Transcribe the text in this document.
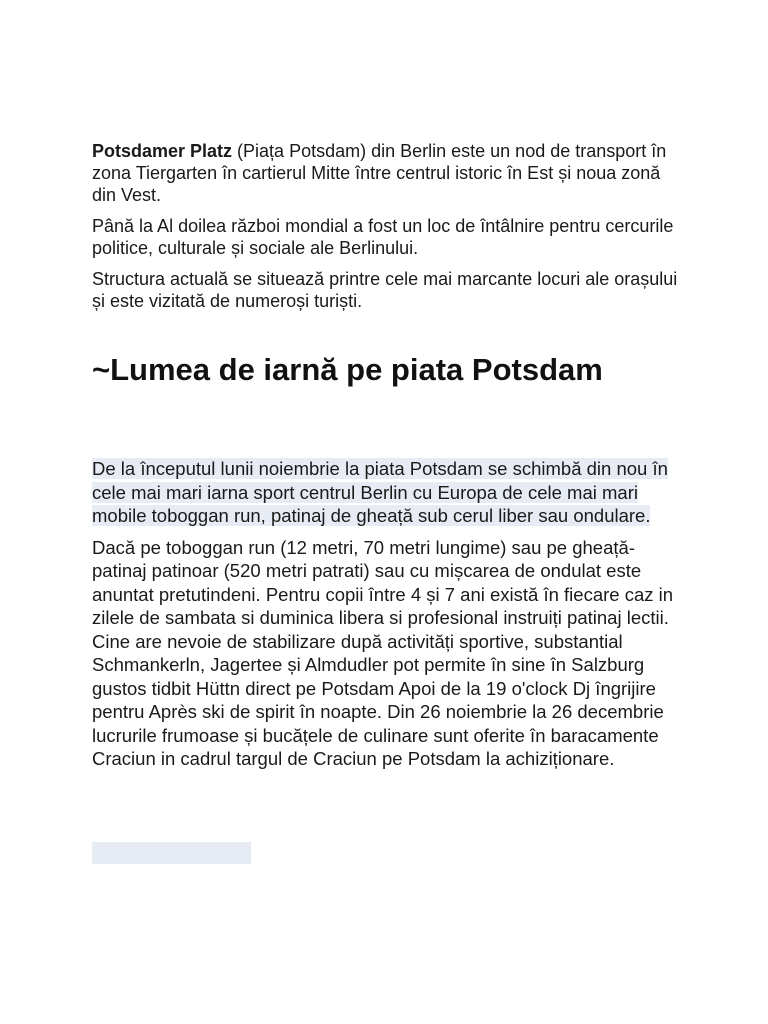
Potsdamer Platz (Piața Potsdam) din Berlin este un nod de transport în zona Tiergarten în cartierul Mitte între centrul istoric în Est și noua zonă din Vest.

Până la Al doilea război mondial a fost un loc de întâlnire pentru cercurile politice, culturale și sociale ale Berlinului.

Structura actuală se situează printre cele mai marcante locuri ale orașului și este vizitată de numeroși turiști.

~Lumea de iarnă pe piata Potsdam

De la începutul lunii noiembrie la piata Potsdam se schimbă din nou în cele mai mari iarna sport centrul Berlin cu Europa de cele mai mari mobile toboggan run, patinaj de gheață sub cerul liber sau ondulare.

Dacă pe toboggan run (12 metri, 70 metri lungime) sau pe gheață-patinaj patinoar (520 metri patrati) sau cu mișcarea de ondulat este anuntat pretutindeni. Pentru copii între 4 și 7 ani există în fiecare caz in zilele de sambata si duminica libera si profesional instruiți patinaj lectii. Cine are nevoie de stabilizare după activități sportive, substantial Schmankerln, Jagertee și Almdudler pot permite în sine în Salzburg gustos tidbit Hüttn direct pe Potsdam Apoi de la 19 o'clock Dj îngrijire pentru Après ski de spirit în noapte. Din 26 noiembrie la 26 decembrie lucrurile frumoase și bucățele de culinare sunt oferite în baracamente Craciun in cadrul targul de Craciun pe Potsdam la achiziționare.
